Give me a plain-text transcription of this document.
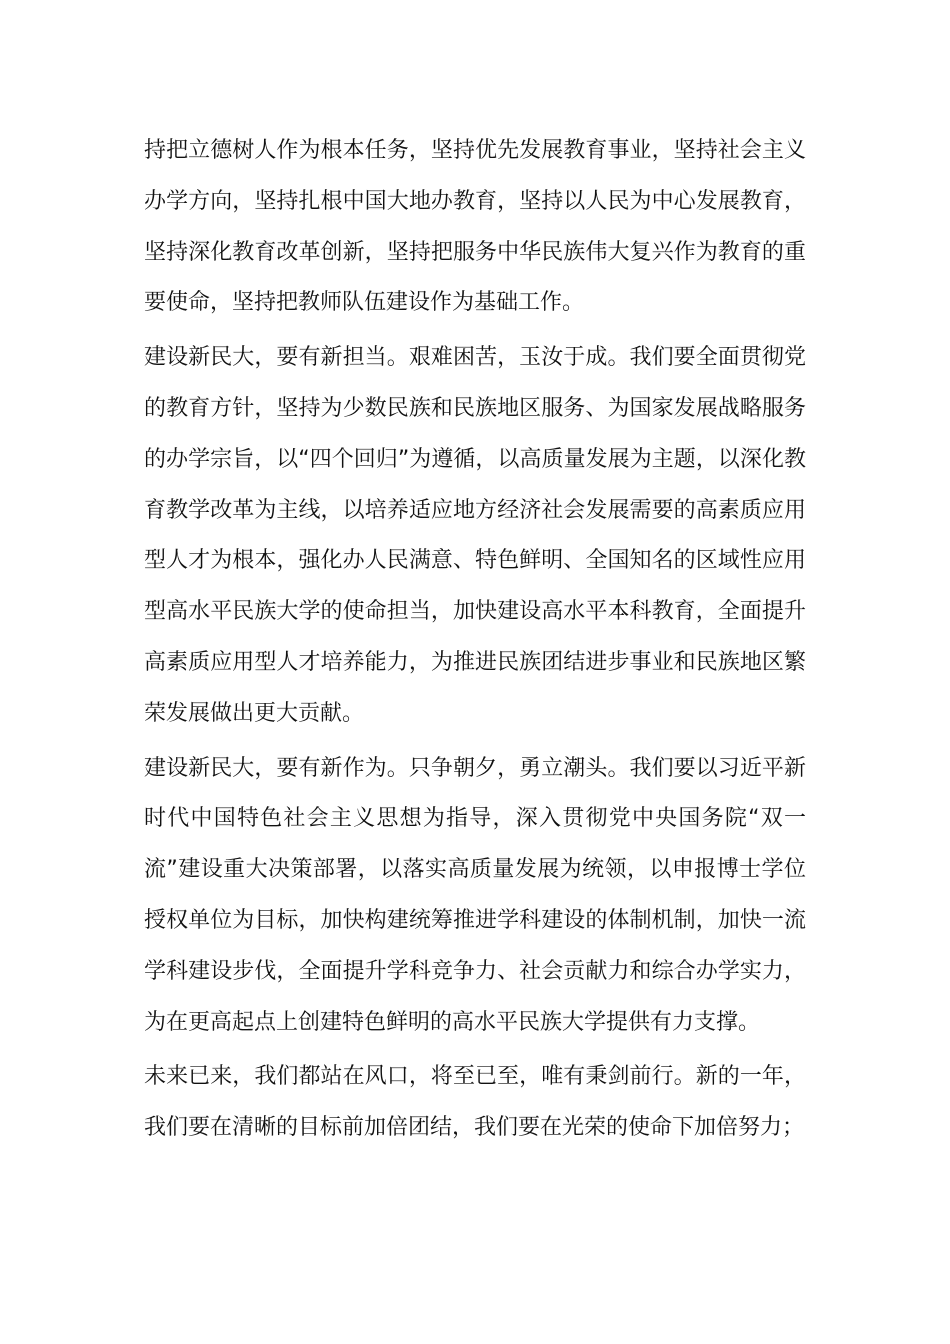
持把立德树人作为根本任务，坚持优先发展教育事业，坚持社会主义办学方向，坚持扎根中国大地办教育，坚持以人民为中心发展教育，坚持深化教育改革创新，坚持把服务中华民族伟大复兴作为教育的重要使命，坚持把教师队伍建设作为基础工作。

建设新民大，要有新担当。艰难困苦，玉汝于成。我们要全面贯彻党的教育方针，坚持为少数民族和民族地区服务、为国家发展战略服务的办学宗旨，以“四个回归”为遵循，以高质量发展为主题，以深化教育教学改革为主线，以培养适应地方经济社会发展需要的高素质应用型人才为根本，强化办人民满意、特色鲜明、全国知名的区域性应用型高水平民族大学的使命担当，加快建设高水平本科教育，全面提升高素质应用型人才培养能力，为推进民族团结进步事业和民族地区繁荣发展做出更大贡献。

建设新民大，要有新作为。只争朝夕，勇立潮头。我们要以习近平新时代中国特色社会主义思想为指导，深入贯彻党中央国务院“双一流”建设重大决策部署，以落实高质量发展为统领，以申报博士学位授权单位为目标，加快构建统筹推进学科建设的体制机制，加快一流学科建设步伐，全面提升学科竞争力、社会贡献力和综合办学实力，为在更高起点上创建特色鲜明的高水平民族大学提供有力支撑。

未来已来，我们都站在风口，将至已至，唯有秉剑前行。新的一年，我们要在清晰的目标前加倍团结，我们要在光荣的使命下加倍努力；
